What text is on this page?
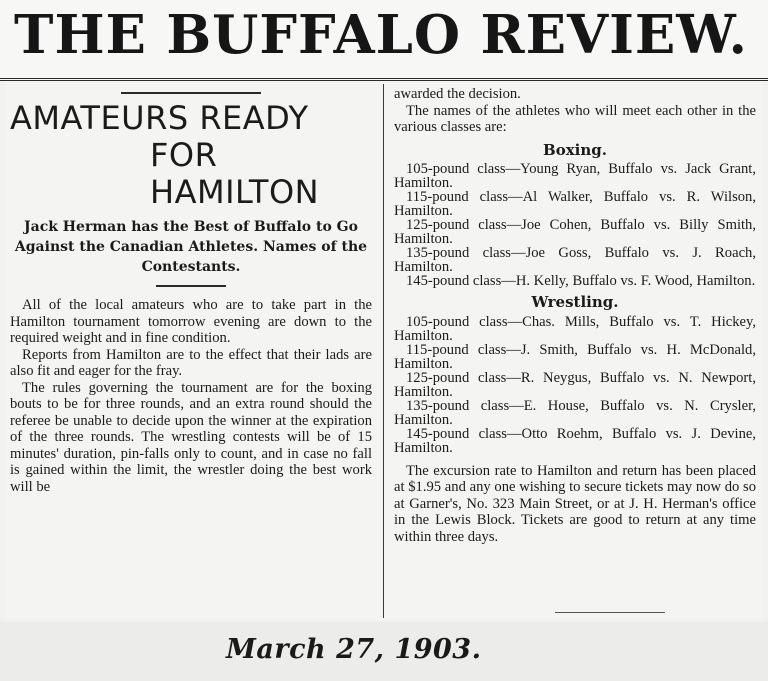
THE BUFFALO REVIEW.
AMATEURS READY
FOR HAMILTON
Jack Herman has the Best of Buffalo to Go Against the Canadian Athletes. Names of the Contestants.

All of the local amateurs who are to take part in the Hamilton tournament tomorrow evening are down to the required weight and in fine condition.

Reports from Hamilton are to the effect that their lads are also fit and eager for the fray.

The rules governing the tournament are for the boxing bouts to be for three rounds, and an extra round should the referee be unable to decide upon the winner at the expiration of the three rounds. The wrestling contests will be of 15 minutes' duration, pin-falls only to count, and in case no fall is gained within the limit, the wrestler doing the best work will be

awarded the decision.

The names of the athletes who will meet each other in the various classes are:

Boxing.

105-pound class—Young Ryan, Buffalo vs. Jack Grant, Hamilton.

115-pound class—Al Walker, Buffalo vs. R. Wilson, Hamilton.

125-pound class—Joe Cohen, Buffalo vs. Billy Smith, Hamilton.

135-pound class—Joe Goss, Buffalo vs. J. Roach, Hamilton.

145-pound class—H. Kelly, Buffalo vs. F. Wood, Hamilton.

Wrestling.

105-pound class—Chas. Mills, Buffalo vs. T. Hickey, Hamilton.

115-pound class—J. Smith, Buffalo vs. H. McDonald, Hamilton.

125-pound class—R. Neygus, Buffalo vs. N. Newport, Hamilton.

135-pound class—E. House, Buffalo vs. N. Crysler, Hamilton.

145-pound class—Otto Roehm, Buffalo vs. J. Devine, Hamilton.

The excursion rate to Hamilton and return has been placed at $1.95 and any one wishing to secure tickets may now do so at Garner's, No. 323 Main Street, or at J. H. Herman's office in the Lewis Block. Tickets are good to return at any time within three days.

March 27, 1903.
